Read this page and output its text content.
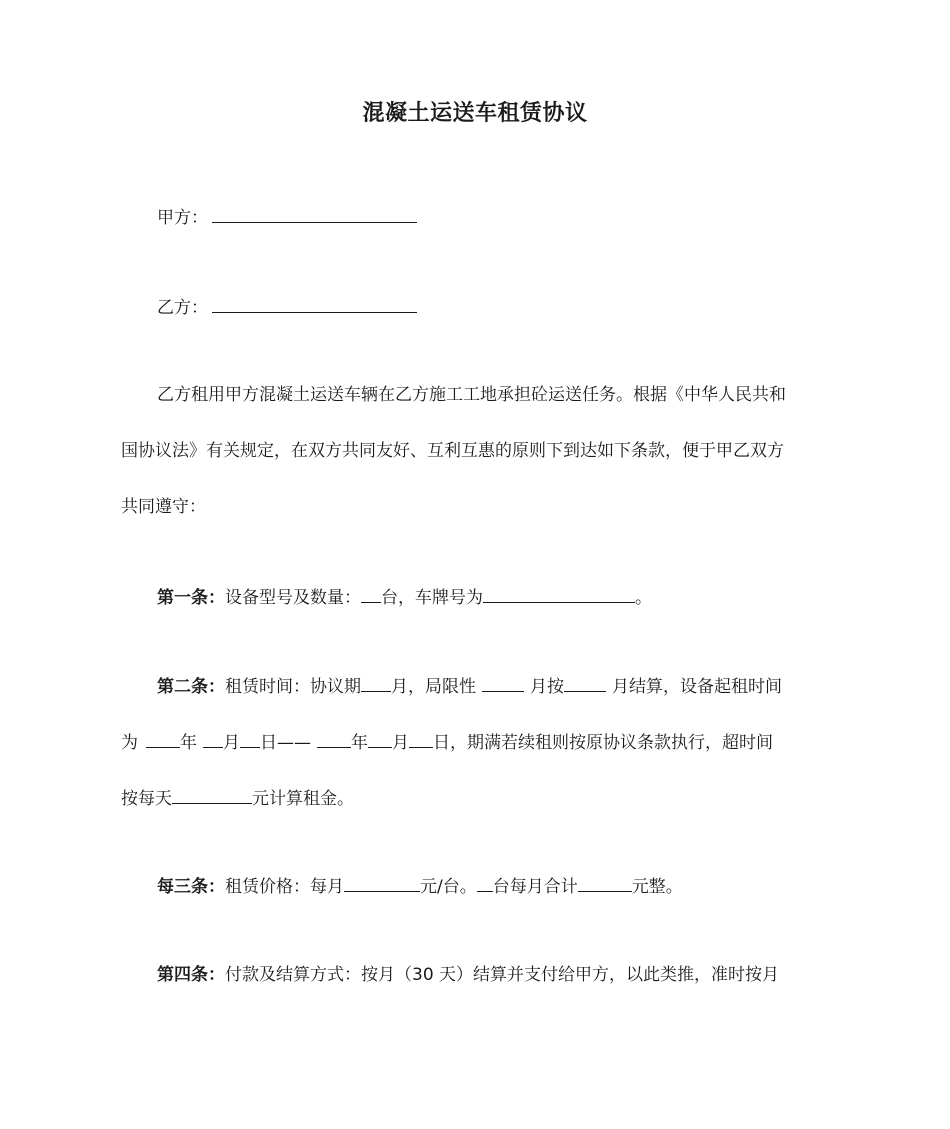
混凝土运送车租赁协议
甲方：
乙方：
乙方租用甲方混凝土运送车辆在乙方施工工地承担砼运送任务。根据《中华人民共和
国协议法》有关规定，在双方共同友好、互利互惠的原则下到达如下条款，便于甲乙双方
共同遵守：
第一条：设备型号及数量： 台，车牌号为	。
第二条：租赁时间：协议期 月，局限性	月按	月结算，设备起租时间
为 年 月 日—— 年 月 日，期满若续租则按原协议条款执行，超时间
按每天	元计算租金。
每三条：租赁价格：每月	元/台。 台每月合计	元整。
第四条：付款及结算方式：按月（30 天）结算并支付给甲方，以此类推，准时按月
